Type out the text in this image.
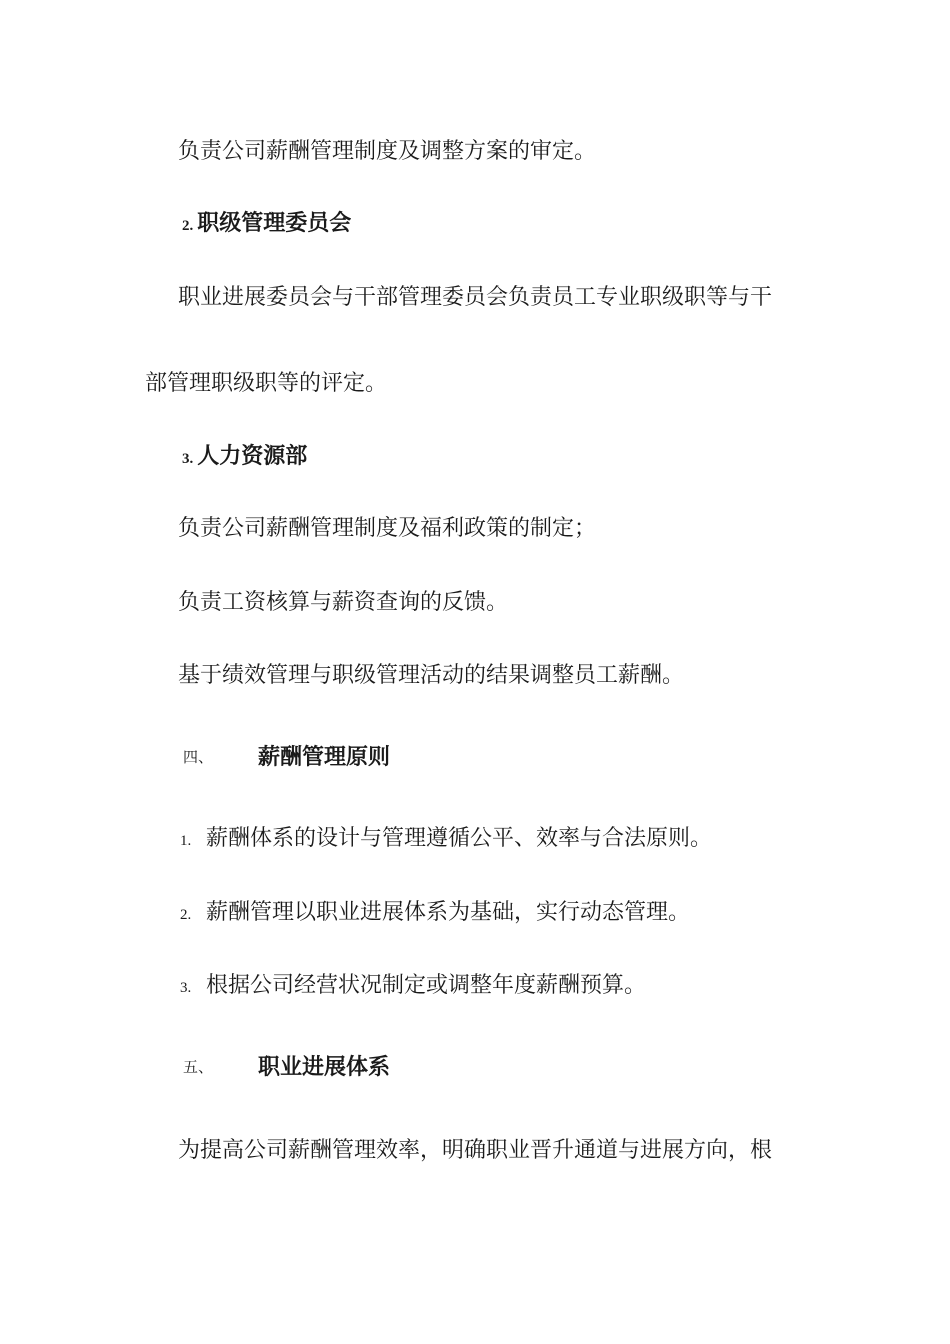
负责公司薪酬管理制度及调整方案的审定。

2. 职级管理委员会

职业进展委员会与干部管理委员会负责员工专业职级职等与干

部管理职级职等的评定。

3. 人力资源部

负责公司薪酬管理制度及福利政策的制定；

负责工资核算与薪资查询的反馈。

基于绩效管理与职级管理活动的结果调整员工薪酬。

四、 薪酬管理原则
1. 薪酬体系的设计与管理遵循公平、效率与合法原则。

2. 薪酬管理以职业进展体系为基础，实行动态管理。

3. 根据公司经营状况制定或调整年度薪酬预算。

五、 职业进展体系

为提高公司薪酬管理效率，明确职业晋升通道与进展方向，根
